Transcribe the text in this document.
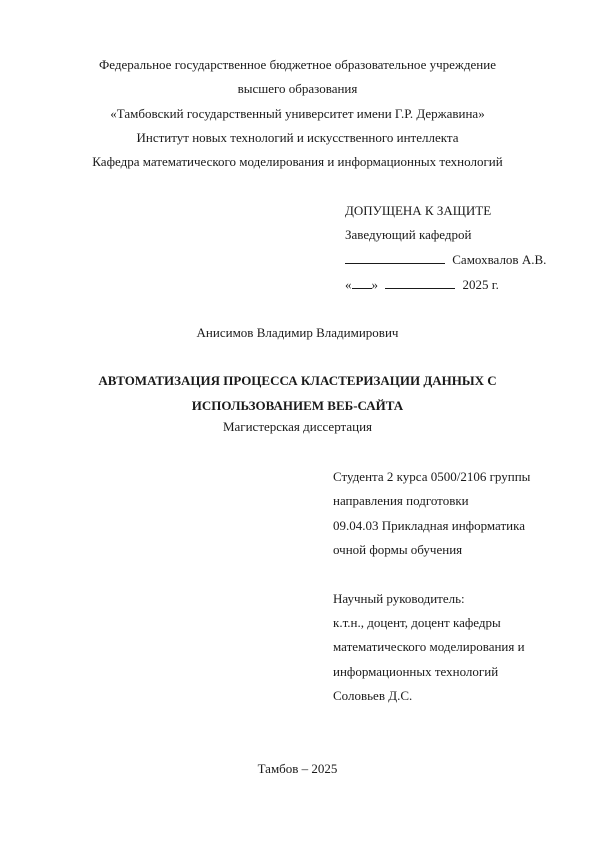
Федеральное государственное бюджетное образовательное учреждение
высшего образования
«Тамбовский государственный университет имени Г.Р. Державина»
Институт новых технологий и искусственного интеллекта
Кафедра математического моделирования и информационных технологий
ДОПУЩЕНА К ЗАЩИТЕ
Заведующий кафедрой
Самохвалов А.В.
« »	2025 г.
Анисимов Владимир Владимирович
АВТОМАТИЗАЦИЯ ПРОЦЕССА КЛАСТЕРИЗАЦИИ ДАННЫХ С
ИСПОЛЬЗОВАНИЕМ ВЕБ-САЙТА
Магистерская диссертация
Студента 2 курса 0500/2106 группы
направления подготовки
09.04.03 Прикладная информатика
очной формы обучения
Научный руководитель:
к.т.н., доцент, доцент кафедры
математического моделирования и
информационных технологий
Соловьев Д.С.
Тамбов – 2025
